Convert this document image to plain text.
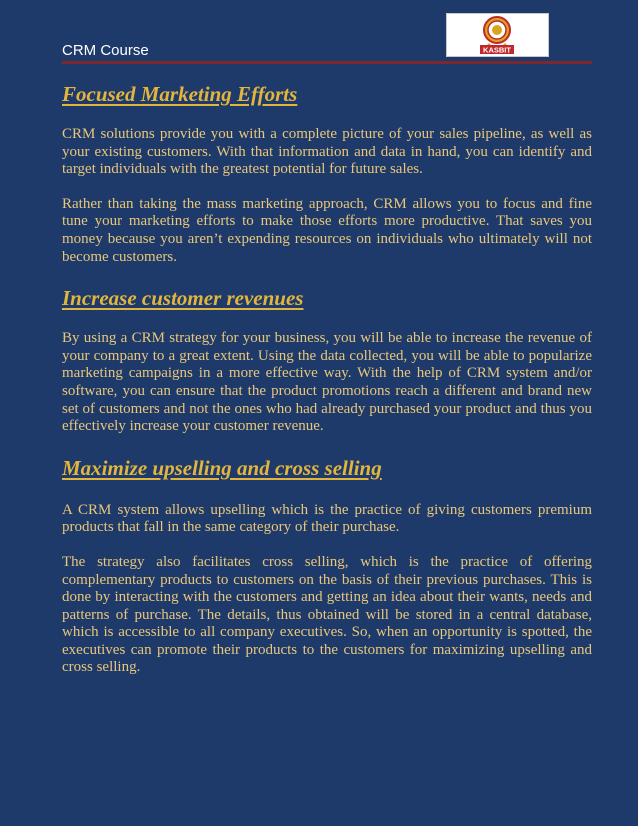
CRM Course	KASBIT
Focused Marketing Efforts

CRM solutions provide you with a complete picture of your sales pipeline, as well as your existing customers. With that information and data in hand, you can identify and target individuals with the greatest potential for future sales.

Rather than taking the mass marketing approach, CRM allows you to focus and fine tune your marketing efforts to make those efforts more productive. That saves you money because you aren’t expending resources on individuals who ultimately will not become customers.

Increase customer revenues

By using a CRM strategy for your business, you will be able to increase the revenue of your company to a great extent. Using the data collected, you will be able to popularize marketing campaigns in a more effective way. With the help of CRM system and/or software, you can ensure that the product promotions reach a different and brand new set of customers and not the ones who had already purchased your product and thus you effectively increase your customer revenue.

Maximize upselling and cross selling

A CRM system allows upselling which is the practice of giving customers premium products that fall in the same category of their purchase.

The strategy also facilitates cross selling, which is the practice of offering complementary products to customers on the basis of their previous purchases. This is done by interacting with the customers and getting an idea about their wants, needs and patterns of purchase. The details, thus obtained will be stored in a central database, which is accessible to all company executives. So, when an opportunity is spotted, the executives can promote their products to the customers for maximizing upselling and cross selling.
